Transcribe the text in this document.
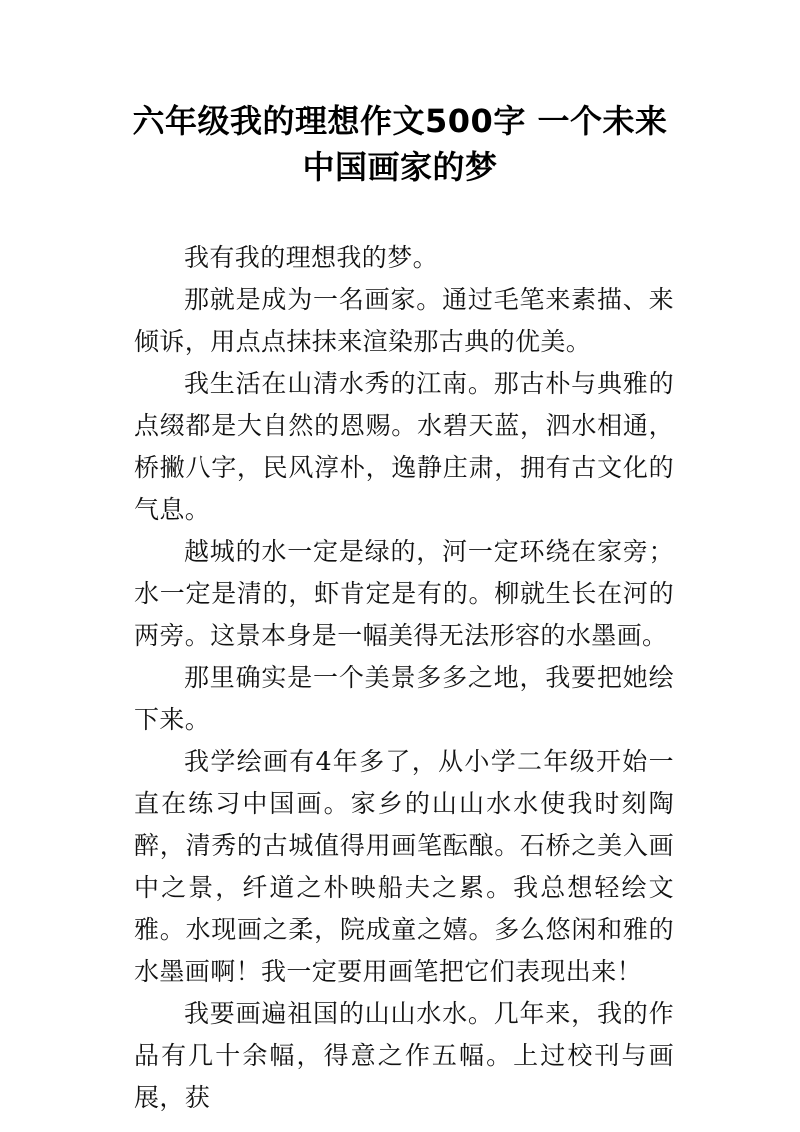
六年级我的理想作文500字 一个未来
中国画家的梦

我有我的理想我的梦。

那就是成为一名画家。通过毛笔来素描、来倾诉，用点点抹抹来渲染那古典的优美。

我生活在山清水秀的江南。那古朴与典雅的点缀都是大自然的恩赐。水碧天蓝，泗水相通，桥撇八字，民风淳朴，逸静庄肃，拥有古文化的气息。

越城的水一定是绿的，河一定环绕在家旁；水一定是清的，虾肯定是有的。柳就生长在河的两旁。这景本身是一幅美得无法形容的水墨画。

那里确实是一个美景多多之地，我要把她绘下来。

我学绘画有4年多了，从小学二年级开始一直在练习中国画。家乡的山山水水使我时刻陶醉，清秀的古城值得用画笔酝酿。石桥之美入画中之景，纤道之朴映船夫之累。我总想轻绘文雅。水现画之柔，院成童之嬉。多么悠闲和雅的水墨画啊！我一定要用画笔把它们表现出来！

我要画遍祖国的山山水水。几年来，我的作品有几十余幅，得意之作五幅。上过校刊与画展，获
